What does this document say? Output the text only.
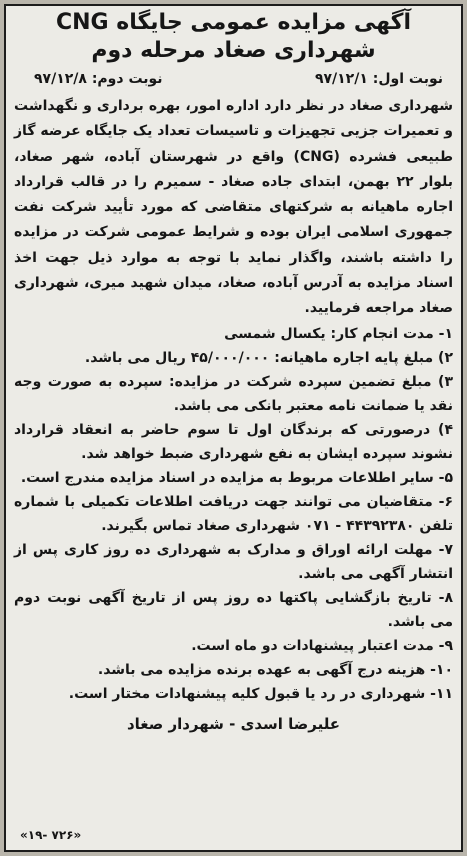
آگهی مزایده عمومی جایگاه CNG

شهرداری صغاد مرحله دوم

نوبت اول: ۹۷/۱۲/۱
نوبت دوم: ۹۷/۱۲/۸

شهرداری صغاد در نظر دارد اداره امور، بهره برداری و نگهداشت و تعمیرات جزیی تجهیزات و تاسیسات تعداد یک جایگاه عرضه گاز طبیعی فشرده (CNG) واقع در شهرستان آباده، شهر صغاد، بلوار ۲۲ بهمن، ابتدای جاده صغاد - سمیرم را در قالب قرارداد اجاره ماهیانه به شرکتهای متقاضی که مورد تأیید شرکت نفت جمهوری اسلامی ایران بوده و شرایط عمومی شرکت در مزایده را داشته باشند، واگذار نماید با توجه به موارد ذیل جهت اخذ اسناد مزایده به آدرس آباده، صغاد، میدان شهید میری، شهرداری صغاد مراجعه فرمایید.

۱- مدت انجام کار: یکسال شمسی
۲) مبلغ پایه اجاره ماهیانه: ۴۵/۰۰۰/۰۰۰ ریال می باشد.
۳) مبلغ تضمین سپرده شرکت در مزایده: سپرده به صورت وجه نقد یا ضمانت نامه معتبر بانکی می باشد.
۴) درصورتی که برندگان اول تا سوم حاضر به انعقاد قرارداد نشوند سپرده ایشان به نفع شهرداری ضبط خواهد شد.
۵- سایر اطلاعات مربوط به مزایده در اسناد مزایده مندرج است.
۶- متقاضیان می توانند جهت دریافت اطلاعات تکمیلی با شماره تلفن ۴۴۳۹۲۳۸۰ - ۰۷۱ شهرداری صغاد تماس بگیرند.
۷- مهلت ارائه اوراق و مدارک به شهرداری ده روز کاری پس از انتشار آگهی می باشد.
۸- تاریخ بازگشایی پاکتها ده روز پس از تاریخ آگهی نوبت دوم می باشد.
۹- مدت اعتبار پیشنهادات دو ماه است.
۱۰- هزینه درج آگهی به عهده برنده مزایده می باشد.
۱۱- شهرداری در رد یا قبول کلیه پیشنهادات مختار است.
علیرضا اسدی - شهردار صغاد
«۱۹- ۷۲۶»
